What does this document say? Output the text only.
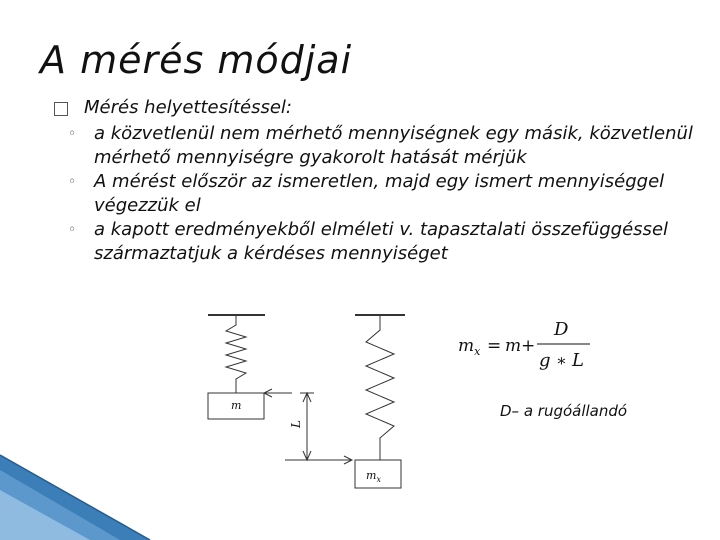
A mérés módjai
Mérés helyettesítéssel:
◦ a közvetlenül nem mérhető mennyiségnek egy másik, közvetlenül mérhető mennyiségre gyakorolt hatását mérjük
◦ A mérést először az ismeretlen, majd egy ismert mennyiséggel végezzük el
◦ a kapott eredményekből elméleti v. tapasztalati összefüggéssel származtatjuk a kérdéses mennyiséget
m
$m_x$
L
$m_x = m$ +
D
g ∗ L
D– a rugóállandó
